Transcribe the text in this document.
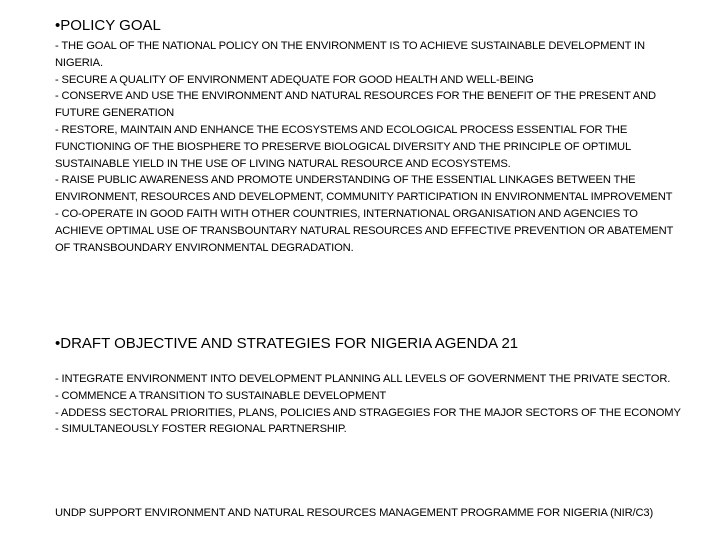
•POLICY GOAL

- THE GOAL OF THE NATIONAL POLICY ON THE ENVIRONMENT IS TO ACHIEVE SUSTAINABLE DEVELOPMENT IN NIGERIA.

- SECURE A QUALITY OF ENVIRONMENT ADEQUATE FOR GOOD HEALTH AND WELL-BEING

- CONSERVE AND USE THE ENVIRONMENT AND NATURAL RESOURCES FOR THE BENEFIT OF THE PRESENT AND FUTURE GENERATION

- RESTORE, MAINTAIN AND ENHANCE THE ECOSYSTEMS AND ECOLOGICAL PROCESS ESSENTIAL FOR THE FUNCTIONING OF THE BIOSPHERE TO PRESERVE BIOLOGICAL DIVERSITY AND THE PRINCIPLE OF OPTIMUL SUSTAINABLE YIELD IN THE USE OF LIVING NATURAL RESOURCE AND ECOSYSTEMS.

- RAISE PUBLIC AWARENESS AND PROMOTE UNDERSTANDING OF THE ESSENTIAL LINKAGES BETWEEN THE ENVIRONMENT, RESOURCES AND DEVELOPMENT, COMMUNITY PARTICIPATION IN ENVIRONMENTAL IMPROVEMENT

- CO-OPERATE IN GOOD FAITH WITH OTHER COUNTRIES, INTERNATIONAL ORGANISATION AND AGENCIES TO ACHIEVE OPTIMAL USE OF TRANSBOUNTARY NATURAL RESOURCES AND EFFECTIVE PREVENTION OR ABATEMENT OF TRANSBOUNDARY ENVIRONMENTAL DEGRADATION.

•DRAFT OBJECTIVE AND STRATEGIES FOR NIGERIA AGENDA 21

- INTEGRATE ENVIRONMENT INTO DEVELOPMENT PLANNING ALL LEVELS OF GOVERNMENT THE PRIVATE SECTOR.

- COMMENCE A TRANSITION TO SUSTAINABLE DEVELOPMENT

- ADDESS SECTORAL PRIORITIES, PLANS, POLICIES AND STRAGEGIES FOR THE MAJOR SECTORS OF THE ECONOMY

- SIMULTANEOUSLY FOSTER REGIONAL PARTNERSHIP.

UNDP SUPPORT ENVIRONMENT AND NATURAL RESOURCES MANAGEMENT PROGRAMME FOR NIGERIA (NIR/C3)
